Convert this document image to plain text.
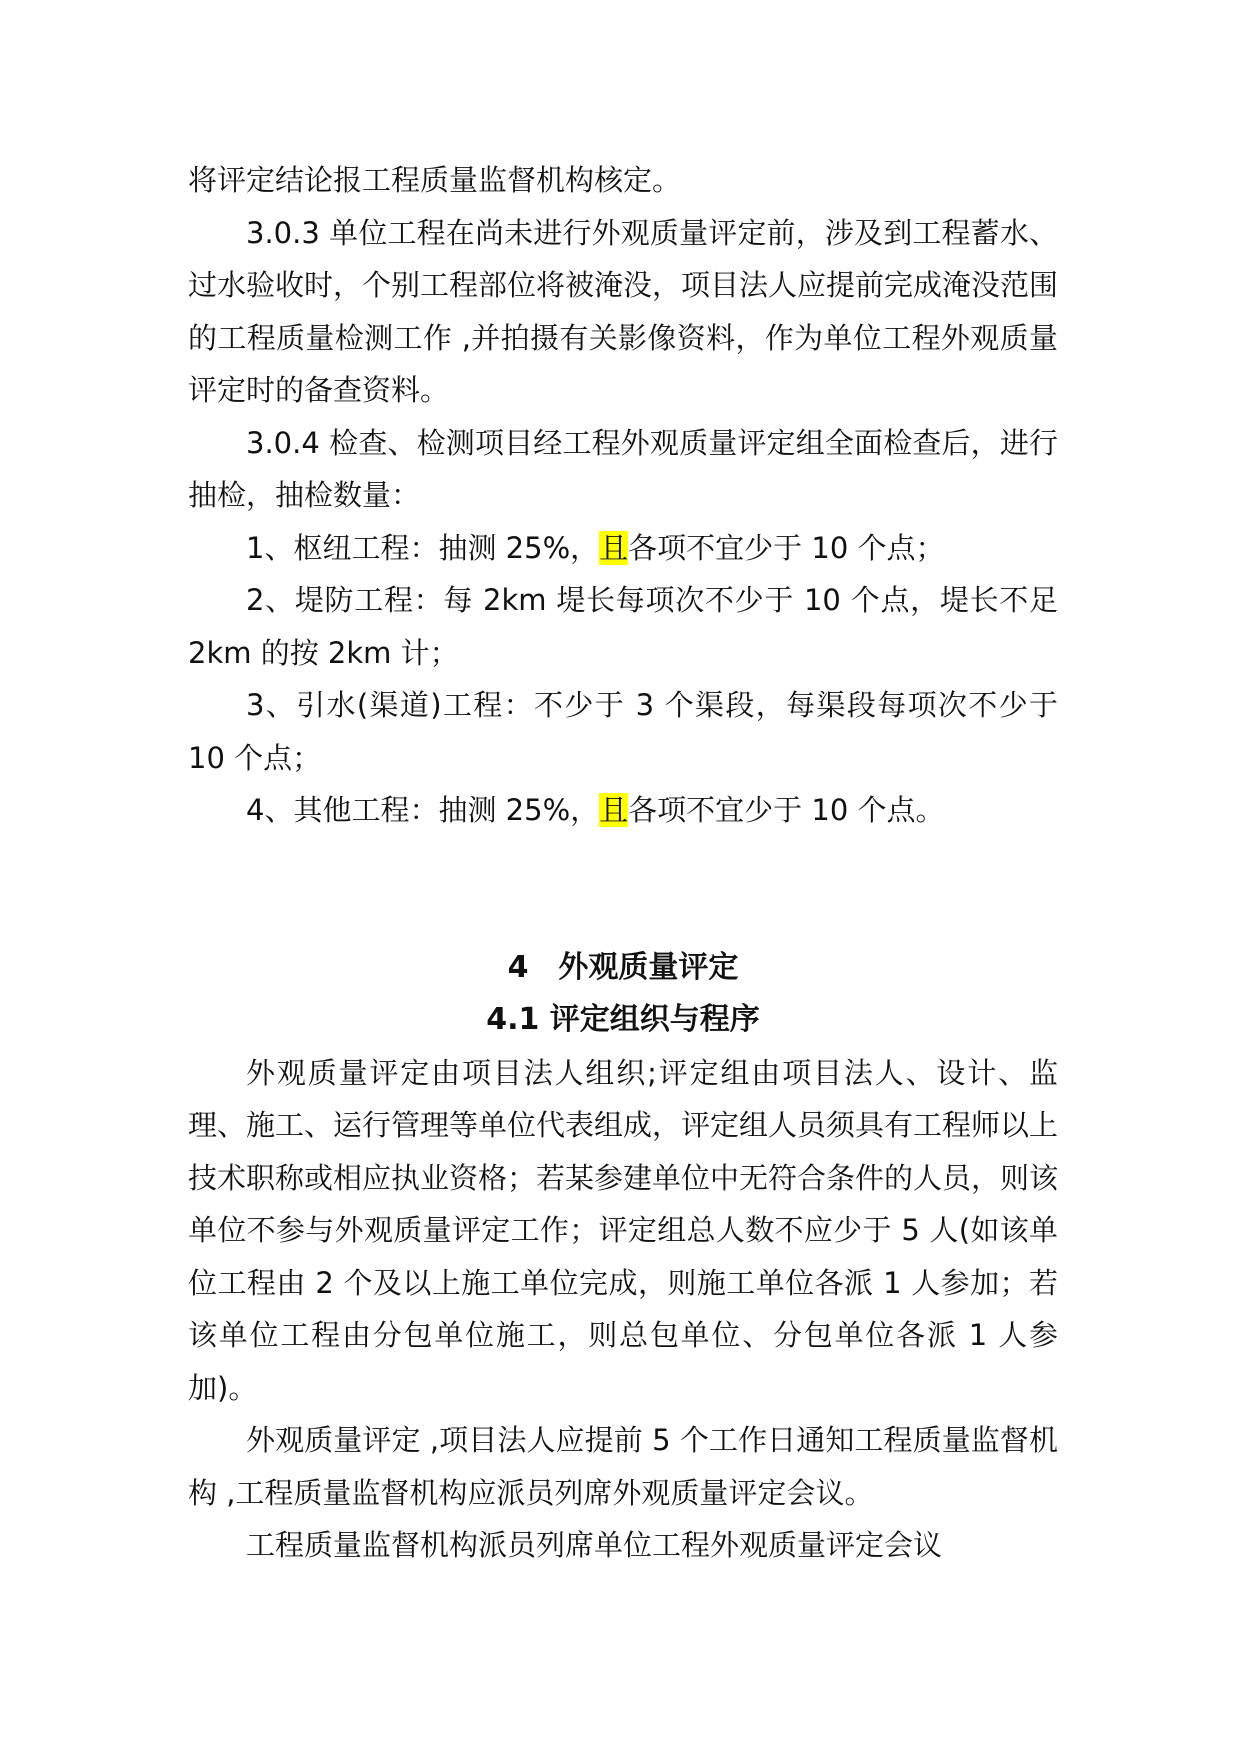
将评定结论报工程质量监督机构核定。

3.0.3 单位工程在尚未进行外观质量评定前，涉及到工程蓄水、过水验收时，个别工程部位将被淹没，项目法人应提前完成淹没范围的工程质量检测工作 ,并拍摄有关影像资料，作为单位工程外观质量评定时的备查资料。

3.0.4 检查、检测项目经工程外观质量评定组全面检查后，进行抽检，抽检数量：

1、枢纽工程：抽测 25%，且各项不宜少于 10 个点；

2、堤防工程：每 2km 堤长每项次不少于 10 个点，堤长不足 2km 的按 2km 计；

3、引水(渠道)工程：不少于 3 个渠段，每渠段每项次不少于 10 个点；

4、其他工程：抽测 25%，且各项不宜少于 10 个点。

4　外观质量评定
4.1 评定组织与程序

外观质量评定由项目法人组织;评定组由项目法人、设计、监理、施工、运行管理等单位代表组成，评定组人员须具有工程师以上技术职称或相应执业资格；若某参建单位中无符合条件的人员，则该单位不参与外观质量评定工作；评定组总人数不应少于 5 人(如该单位工程由 2 个及以上施工单位完成，则施工单位各派 1 人参加；若该单位工程由分包单位施工，则总包单位、分包单位各派 1 人参加)。

外观质量评定 ,项目法人应提前 5 个工作日通知工程质量监督机构 ,工程质量监督机构应派员列席外观质量评定会议。

工程质量监督机构派员列席单位工程外观质量评定会议
